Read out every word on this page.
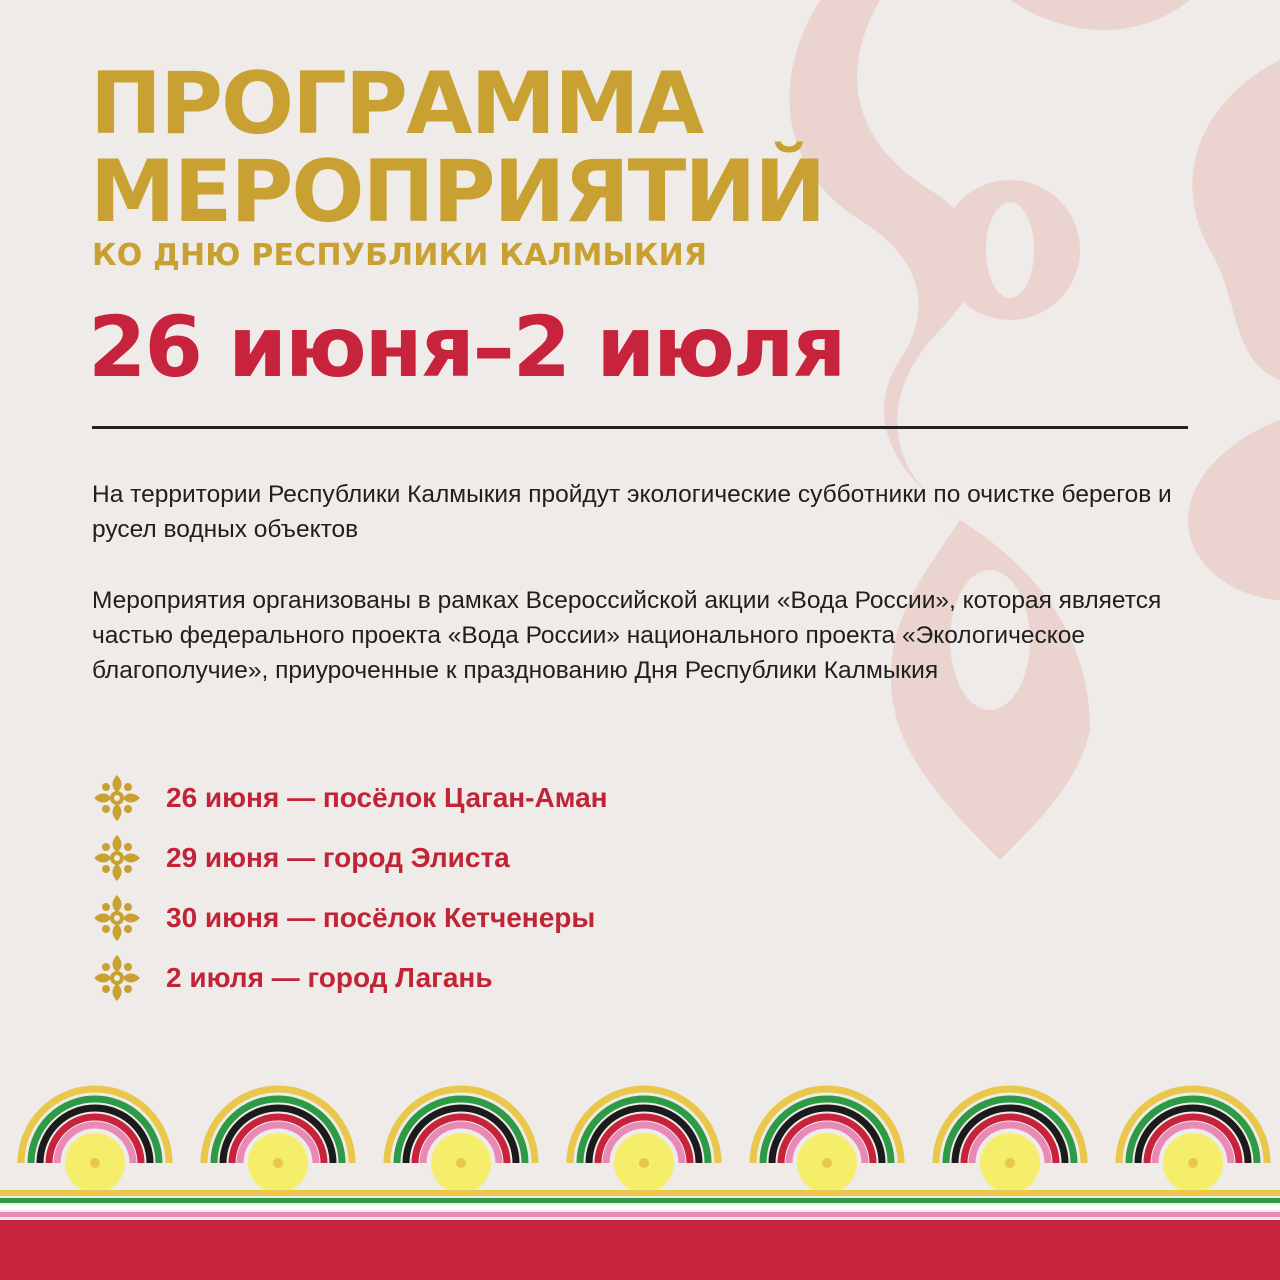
ПРОГРАММА
МЕРОПРИЯТИЙ
КО ДНЮ РЕСПУБЛИКИ КАЛМЫКИЯ
26 июня–2 июля

На территории Республики Калмыкия пройдут экологические субботники по очистке берегов и русел водных объектов

Мероприятия организованы в рамках Всероссийской акции «Вода России», которая является частью федерального проекта «Вода России» национального проекта «Экологическое благополучие», приуроченные к празднованию Дня Республики Калмыкия

26 июня — посёлок Цаган-Аман
29 июня — город Элиста
30 июня — посёлок Кетченеры
2 июля — город Лагань
